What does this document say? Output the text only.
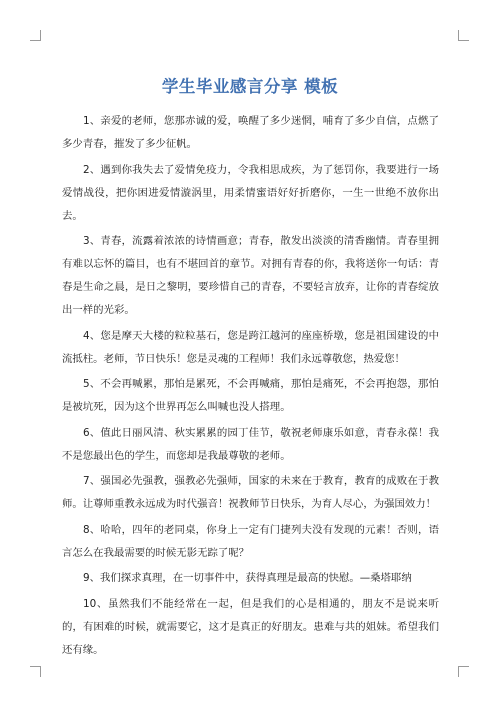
学生毕业感言分享 模板

1、亲爱的老师，您那赤诚的爱，唤醒了多少迷惘，哺育了多少自信，点燃了多少青春，摧发了多少征帆。

2、遇到你我失去了爱情免疫力，令我相思成疾，为了惩罚你，我要进行一场爱情战役，把你困进爱情漩涡里，用柔情蜜语好好折磨你，一生一世绝不放你出去。

3、青春，流露着浓浓的诗情画意；青春，散发出淡淡的清香幽情。青春里拥有难以忘怀的篇目，也有不堪回首的章节。对拥有青春的你，我将送你一句话：青春是生命之晨，是日之黎明，要珍惜自己的青春，不要轻言放弃，让你的青春绽放出一样的光彩。

4、您是摩天大楼的粒粒基石，您是跨江越河的座座桥墩，您是祖国建设的中流抵柱。老师，节日快乐！您是灵魂的工程师！我们永远尊敬您，热爱您！

5、不会再喊累，那怕是累死，不会再喊痛，那怕是痛死，不会再抱怨，那怕是被坑死，因为这个世界再怎么叫喊也没人搭理。

6、值此日丽风清、秋实累累的园丁佳节，敬祝老师康乐如意，青春永葆！我不是您最出色的学生，而您却是我最尊敬的老师。

7、强国必先强教，强教必先强师，国家的未来在于教育，教育的成败在于教师。让尊师重教永远成为时代强音！祝教师节日快乐，为育人尽心，为强国效力！

8、哈哈，四年的老同桌，你身上一定有门捷列夫没有发现的元素！否则，语言怎么在我最需要的时候无影无踪了呢？

9、我们探求真理，在一切事件中，获得真理是最高的快慰。—桑塔耶纳

10、虽然我们不能经常在一起，但是我们的心是相通的，朋友不是说来听的，有困难的时候，就需要它，这才是真正的好朋友。患难与共的姐妹。希望我们还有缘。
